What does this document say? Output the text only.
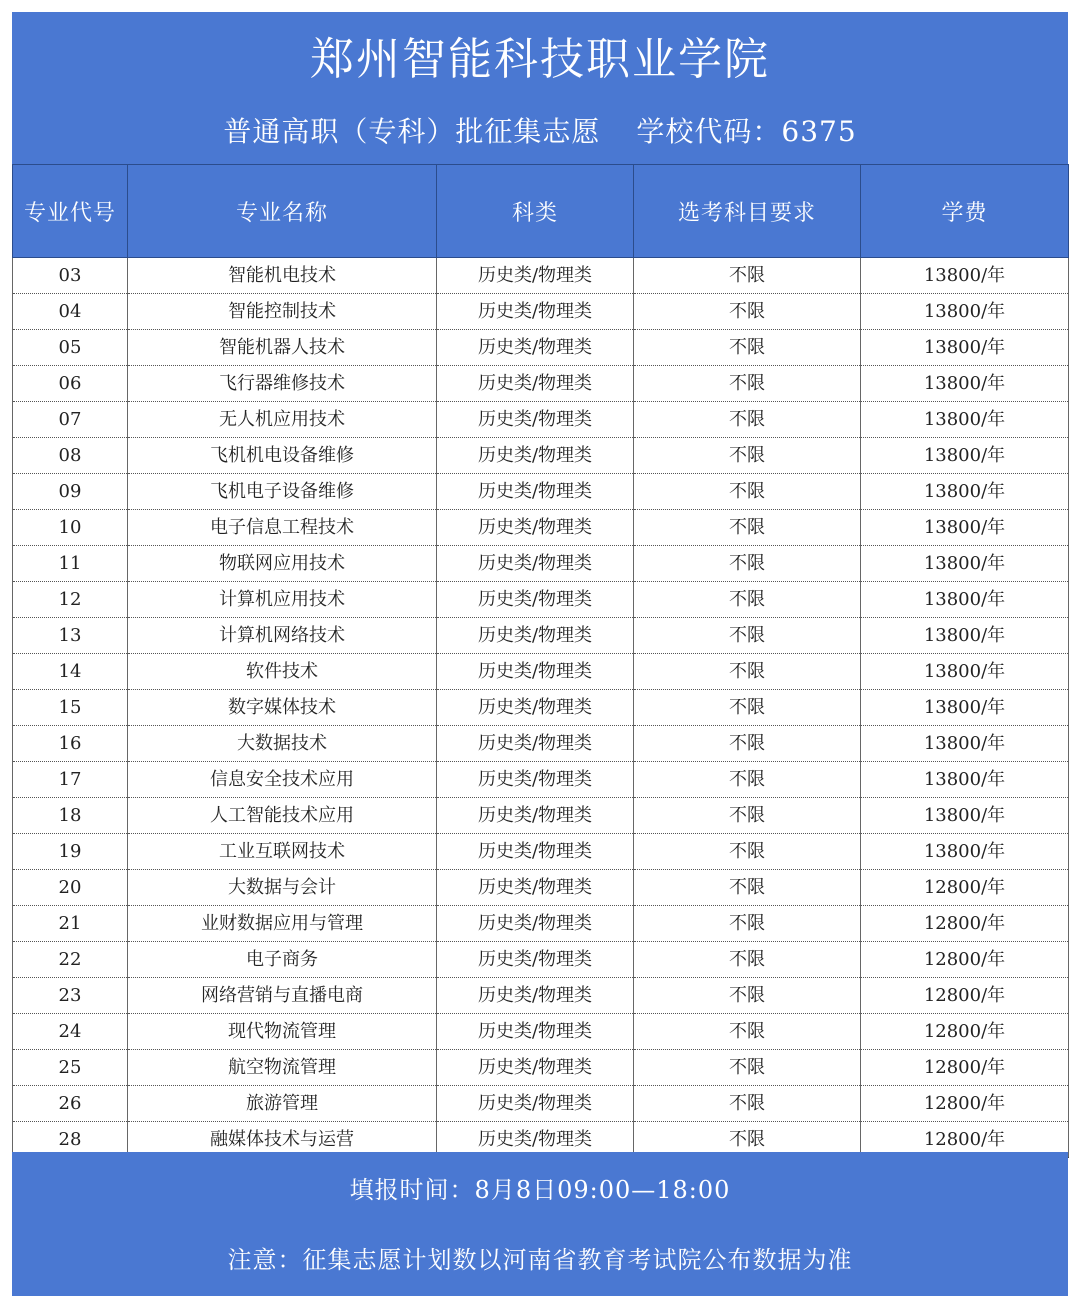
郑州智能科技职业学院
普通高职（专科）批征集志愿 学校代码：6375
专业代号	专业名称	科类	选考科目要求	学费
03	智能机电技术	历史类/物理类	不限	13800/年
04	智能控制技术	历史类/物理类	不限	13800/年
05	智能机器人技术	历史类/物理类	不限	13800/年
06	飞行器维修技术	历史类/物理类	不限	13800/年
07	无人机应用技术	历史类/物理类	不限	13800/年
08	飞机机电设备维修	历史类/物理类	不限	13800/年
09	飞机电子设备维修	历史类/物理类	不限	13800/年
10	电子信息工程技术	历史类/物理类	不限	13800/年
11	物联网应用技术	历史类/物理类	不限	13800/年
12	计算机应用技术	历史类/物理类	不限	13800/年
13	计算机网络技术	历史类/物理类	不限	13800/年
14	软件技术	历史类/物理类	不限	13800/年
15	数字媒体技术	历史类/物理类	不限	13800/年
16	大数据技术	历史类/物理类	不限	13800/年
17	信息安全技术应用	历史类/物理类	不限	13800/年
18	人工智能技术应用	历史类/物理类	不限	13800/年
19	工业互联网技术	历史类/物理类	不限	13800/年
20	大数据与会计	历史类/物理类	不限	12800/年
21	业财数据应用与管理	历史类/物理类	不限	12800/年
22	电子商务	历史类/物理类	不限	12800/年
23	网络营销与直播电商	历史类/物理类	不限	12800/年
24	现代物流管理	历史类/物理类	不限	12800/年
25	航空物流管理	历史类/物理类	不限	12800/年
26	旅游管理	历史类/物理类	不限	12800/年
28	融媒体技术与运营	历史类/物理类	不限	12800/年
填报时间：8月8日09:00—18:00
注意：征集志愿计划数以河南省教育考试院公布数据为准
